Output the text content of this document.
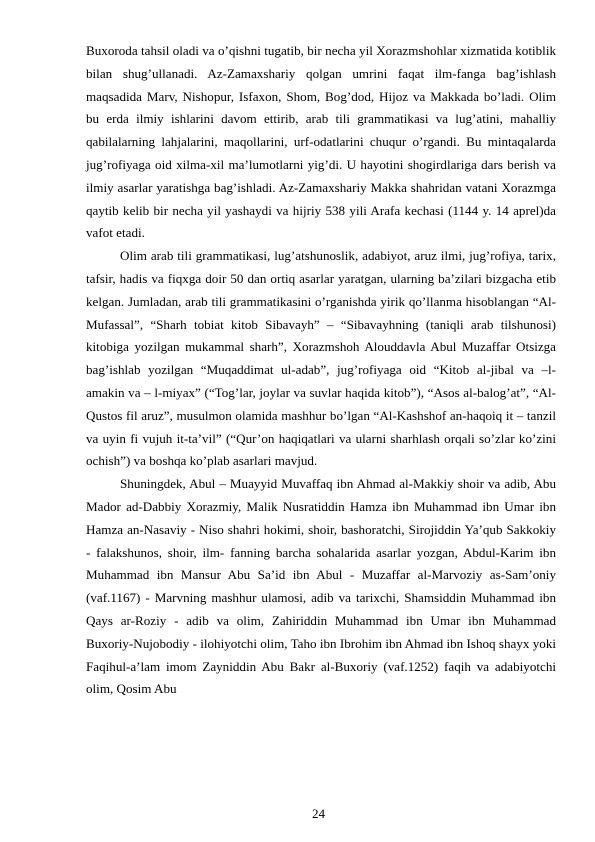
Buxoroda tahsil oladi va o’qishni tugatib, bir necha yil Xorazmshohlar xizmatida kotiblik bilan shug’ullanadi. Az-Zamaxshariy qolgan umrini faqat ilm-fanga bag’ishlash maqsadida Marv, Nishopur, Isfaxon, Shom, Bog’dod, Hijoz va Makkada bo’ladi. Olim bu erda ilmiy ishlarini davom ettirib, arab tili grammatikasi va lug’atini, mahalliy qabilalarning lahjalarini, maqollarini, urf-odatlarini chuqur o’rgandi. Bu mintaqalarda jug’rofiyaga oid xilma-xil ma’lumotlarni yig’di. U hayotini shogirdlariga dars berish va ilmiy asarlar yaratishga bag’ishladi. Az-Zamaxshariy Makka shahridan vatani Xorazmga qaytib kelib bir necha yil yashaydi va hijriy 538 yili Arafa kechasi (1144 y. 14 aprel)da vafot etadi.

Olim arab tili grammatikasi, lug’atshunoslik, adabiyot, aruz ilmi, jug’rofiya, tarix, tafsir, hadis va fiqxga doir 50 dan ortiq asarlar yaratgan, ularning ba’zilari bizgacha etib kelgan. Jumladan, arab tili grammatikasini o’rganishda yirik qo’llanma hisoblangan “Al-Mufassal”, “Sharh tobiat kitob Sibavayh” – “Sibavayhning (taniqli arab tilshunosi) kitobiga yozilgan mukammal sharh”, Xorazmshoh Alouddavla Abul Muzaffar Otsizga bag’ishlab yozilgan “Muqaddimat ul-adab”, jug’rofiyaga oid “Kitob al-jibal va –l- amakin va – l-miyax” (“Tog’lar, joylar va suvlar haqida kitob”), “Asos al-balog’at”, “Al- Qustos fil aruz”, musulmon olamida mashhur bo’lgan “Al-Kashshof an-haqoiq it – tanzil va uyin fi vujuh it-ta’vil” (“Qur’on haqiqatlari va ularni sharhlash orqali so’zlar ko’zini ochish”) va boshqa ko’plab asarlari mavjud.

Shuningdek, Abul – Muayyid Muvaffaq ibn Ahmad al-Makkiy shoir va adib, Abu Mador ad-Dabbiy Xorazmiy, Malik Nusratiddin Hamza ibn Muhammad ibn Umar ibn Hamza an-Nasaviy - Niso shahri hokimi, shoir, bashoratchi, Sirojiddin Ya’qub Sakkokiy - falakshunos, shoir, ilm- fanning barcha sohalarida asarlar yozgan, Abdul-Karim ibn Muhammad ibn Mansur Abu Sa’id ibn Abul - Muzaffar al-Marvoziy as-Sam’oniy (vaf.1167) - Marvning mashhur ulamosi, adib va tarixchi, Shamsiddin Muhammad ibn Qays ar-Roziy - adib va olim, Zahiriddin Muhammad ibn Umar ibn Muhammad Buxoriy-Nujobodiy - ilohiyotchi olim, Taho ibn Ibrohim ibn Ahmad ibn Ishoq shayx yoki Faqihul-a’lam imom Zayniddin Abu Bakr al-Buxoriy (vaf.1252) faqih va adabiyotchi olim, Qosim Abu

24
